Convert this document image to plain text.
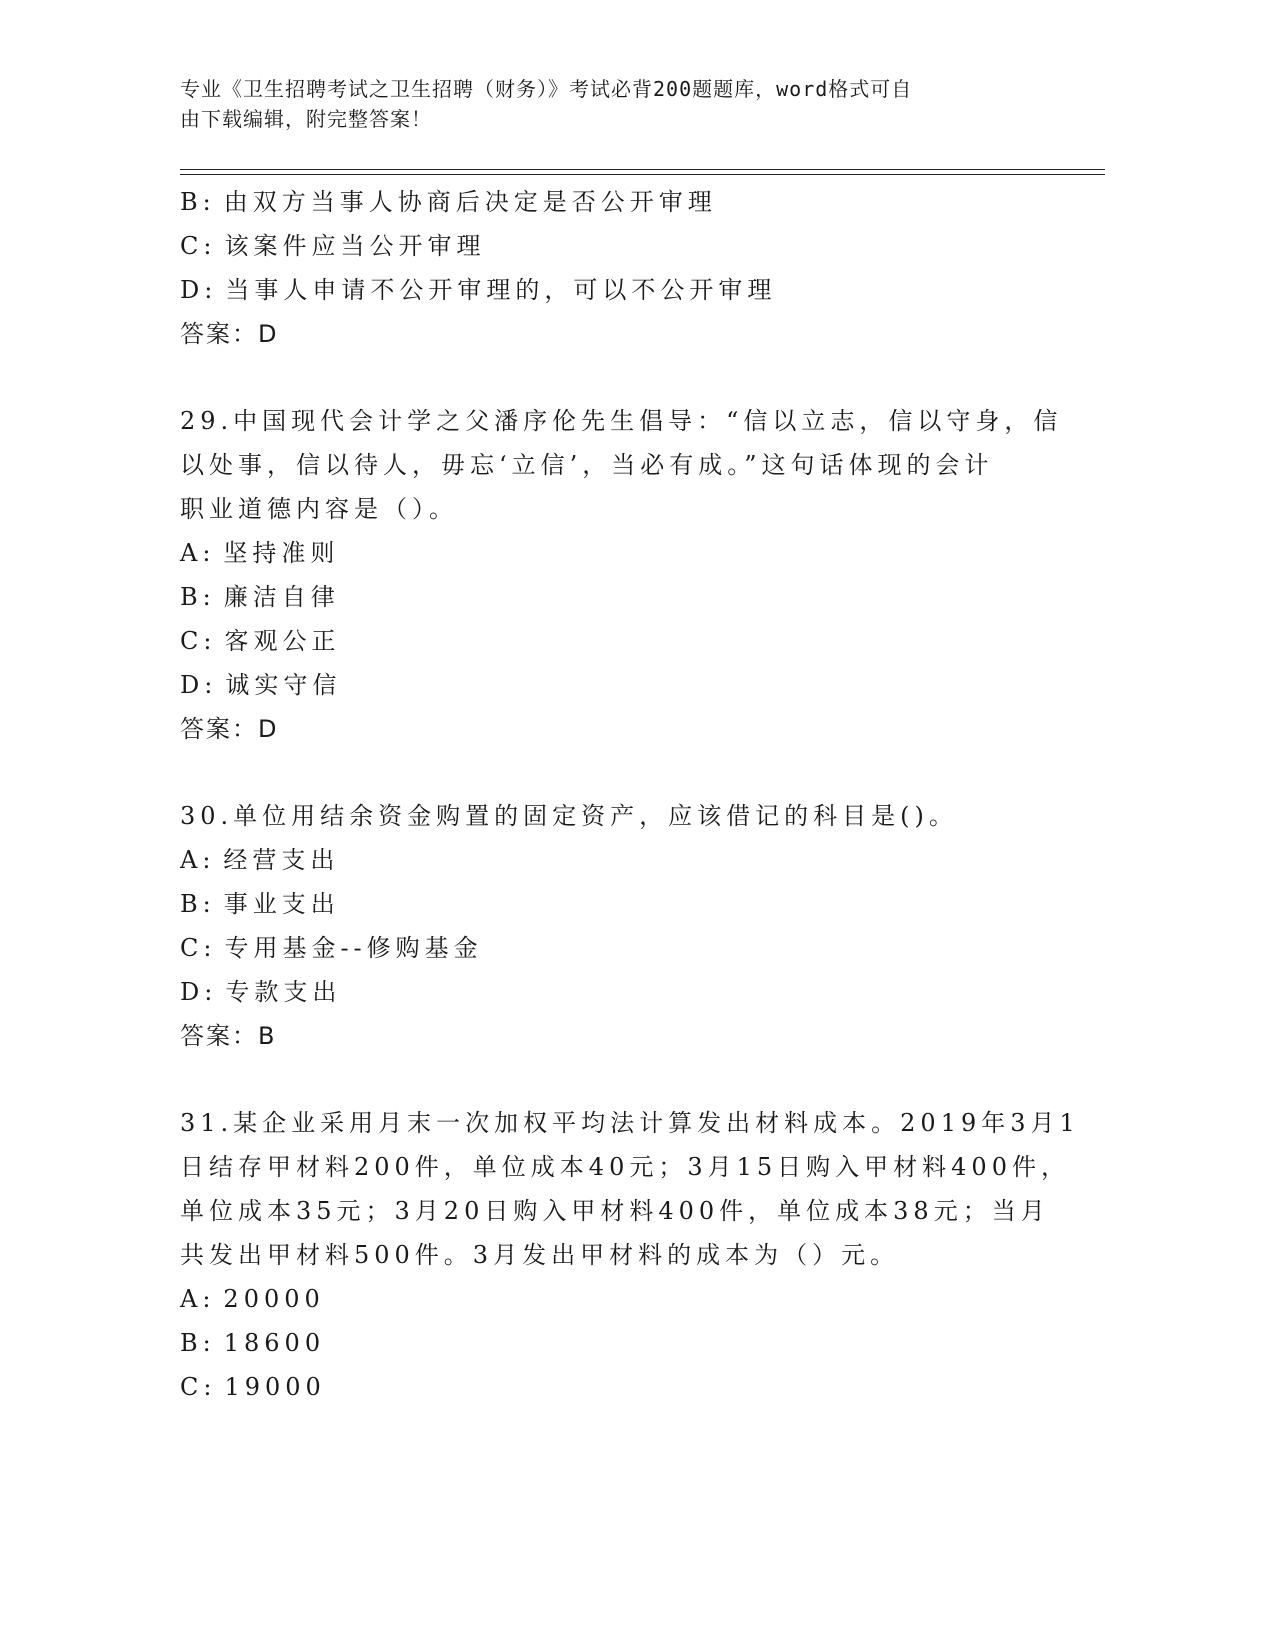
专业《卫生招聘考试之卫生招聘（财务）》考试必背200题题库，word格式可自
由下载编辑，附完整答案！
B: 由双方当事人协商后决定是否公开审理
C: 该案件应当公开审理
D: 当事人申请不公开审理的，可以不公开审理
答案：D
29.中国现代会计学之父潘序伦先生倡导：“信以立志，信以守身，信
以处事，信以待人，毋忘‘立信’，当必有成。”这句话体现的会计
职业道德内容是（）。
A: 坚持准则
B: 廉洁自律
C: 客观公正
D: 诚实守信
答案：D
30.单位用结余资金购置的固定资产，应该借记的科目是()。
A: 经营支出
B: 事业支出
C: 专用基金--修购基金
D: 专款支出
答案：B
31.某企业采用月末一次加权平均法计算发出材料成本。2019年3月1
日结存甲材料200件，单位成本40元；3月15日购入甲材料400件，
单位成本35元；3月20日购入甲材料400件，单位成本38元；当月
共发出甲材料500件。3月发出甲材料的成本为（）元。
A: 20000
B: 18600
C: 19000
